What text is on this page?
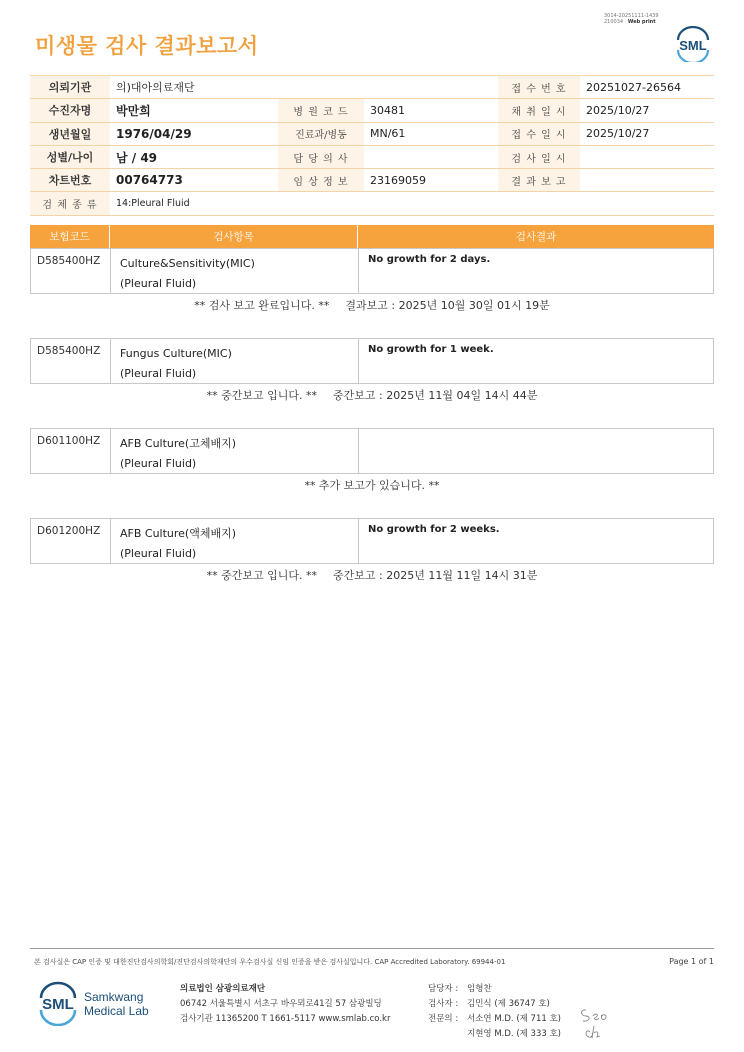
3014-20251111-1439
210034 Web print
미생물 검사 결과보고서	SML
의뢰기관	의)대아의료재단			접 수 번 호	20251027-26564
수진자명	박만희	병 원 코 드	30481	채 취 일 시	2025/10/27
생년월일	1976/04/29	진료과/병동	MN/61	접 수 일 시	2025/10/27
성별/나이	남 / 49	담 당 의 사		검 사 일 시	
차트번호	00764773	임 상 정 보	23169059	결 과 보 고	
검 체 종 류	14:Pleural Fluid				
보험코드	검사항목	검사결과
D585400HZ	Culture&Sensitivity(MIC)
(Pleural Fluid)
No growth for 2 days.
** 검사 보고 완료입니다. ** 결과보고 : 2025년 10월 30일 01시 19분
D585400HZ	Fungus Culture(MIC)
(Pleural Fluid)
No growth for 1 week.
** 중간보고 입니다. ** 중간보고 : 2025년 11월 04일 14시 44분
D601100HZ	AFB Culture(고체배지)
(Pleural Fluid)
** 추가 보고가 있습니다. **
D601200HZ	AFB Culture(액체배지)
(Pleural Fluid)
No growth for 2 weeks.
** 중간보고 입니다. ** 중간보고 : 2025년 11월 11일 14시 31분
본 검사실은 CAP 인증 및 대한진단검사의학회/진단검사의학재단의 우수검사실 신임 인증을 받은 검사실입니다. CAP Accredited Laboratory. 69944-01	Page 1 of 1
SML Samkwang
Medical Lab
의료법인 삼광의료재단
06742 서울특별시 서초구 바우뫼로41길 57 삼광빌딩
검사기관 11365200 T 1661-5117 www.smlab.co.kr
담당자 :	임형찬
검사자 :	김민식 (제 36747 호)
전문의 :	서소연 M.D. (제 711 호)
지현영 M.D. (제 333 호)
